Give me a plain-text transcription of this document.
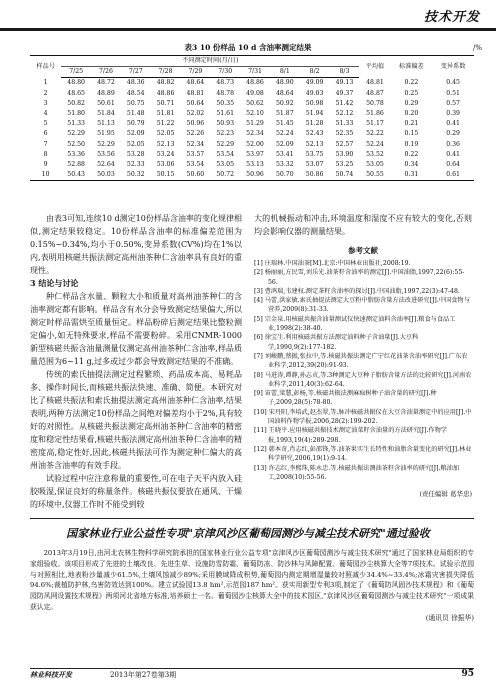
技术开发
表3 10 份样品 10 d 含油率测定结果	/%
样品号	不同测定时间(月/日)										平均值	标准偏差	变异系数
	7/25	7/26	7/27	7/28	7/29	7/30	7/31	8/1	8/2	8/3			
1	48.80	48.72	48.36	48.82	48.64	48.73	48.86	48.90	49.09	49.13	48.81	0.22	0.45
2	48.65	48.89	48.54	48.86	48.81	48.78	49.08	48.64	49.03	49.37	48.87	0.25	0.51
3	50.82	50.61	50.75	50.71	50.64	50.35	50.62	50.92	50.98	51.42	50.78	0.29	0.57
4	51.80	51.84	51.48	51.81	52.02	51.61	52.10	51.87	51.94	52.12	51.86	0.20	0.39
5	51.33	51.13	50.79	51.22	50.96	50.93	51.29	51.45	51.28	51.33	51.17	0.21	0.41
6	52.29	51.95	52.09	52.05	52.26	52.23	52.34	52.24	52.43	52.35	52.22	0.15	0.29
7	52.50	52.29	52.05	52.13	52.34	52.29	52.00	52.09	52.13	52.57	52.24	0.19	0.36
8	53.36	53.56	53.28	53.24	53.57	53.54	53.97	53.41	53.75	53.90	53.52	0.22	0.41
9	52.88	52.64	52.33	53.06	53.54	53.05	53.13	53.32	53.07	53.25	53.05	0.34	0.64
10	50.43	50.03	50.32	50.15	50.60	50.72	50.96	50.70	50.86	50.74	50.55	0.31	0.61

由表3可知,连续10 d测定10份样品含油率的变化规律相似,测定结果较稳定。10份样品含油率的标准偏差范围为0.15%~0.34%,均小于0.50%,变异系数(CV%)均在1%以内,表明用核磁共振法测定高州油茶种仁含油率具有良好的重现性。

3 结论与讨论

种仁样品含水量、颗粒大小和质量对高州油茶种仁的含油率测定都有影响。样品含有水分会导致测定结果偏大,所以测定时样品需烘至质量恒定。样品粉碎后测定结果比整粒测定偏小,如无特殊要求,样品不需要粉碎。采用CNMR-1000新型核磁共振含油量测量仪测定高州油茶种仁含油率,样品质量范围为6~11 g,过多或过少都会导致测定结果的不准确。

传统的索氏抽提法测定过程繁琐、药品成本高、易耗品多、操作时间长,而核磁共振法快速、准确、简便。本研究对比了核磁共振法和索氏抽提法测定高州油茶种仁含油率,结果表明,两种方法测定10份样品之间绝对偏差均小于2%,具有较好的对照性。从核磁共振法测定高州油茶种仁含油率的精密度和稳定性结果看,核磁共振法测定高州油茶种仁含油率的精密度高,稳定性好,因此,核磁共振法可作为测定种仁偏大的高州油茶含油率的有效手段。

试验过程中应注意称量的重要性,可在电子天平内放入硅胶吸湿,保证良好的称量条件。核磁共振仪要放在通风、干燥的环境中,仪器工作时不能受到较

大的机械振动和冲击,环境温度和湿度不应有较大的变化,否则均会影响仪器的测量结果。

参考文献

[1] 庄瑞林.中国油茶[M].北京:中国林业出版社,2008:19.

[2] 杨丽丽,方民雪,刘乐光.油茶籽含油率的测定[J].中国油脂,1997,22(6):55-56.

[3] 曹鸿瑞,韦建权.测定茶籽含油率的探讨[J].中国油脂,1997,22(3):47-48.

[4] 马蕾,洪家敏.索氏抽提法测定大豆粉中脂肪含量方法改进研究[J].中国食物与营养,2009(8):31-33.

[5] 宗金泉.用核磁共振含油量测试仪快速测定油料含油率[J].粮食与食品工业,1998(2):38-40.

[6] 徐宝生.利用核磁共振方法测定油料种子含油量[J].大豆科学,1990,9(2):177-182.

[7] 刘峻鹏,蔡振,张拉中,等.核磁共振法测定广宁红花油茶含油率研究[J].广东农业科学,2012,39(20):91-93.

[8] 马进涛,谭静,孙志贞,等.3种测定大豆种子脂肪含量方法的比较研究[J].河南农业科学,2011,40(3):62-64.

[9] 宙蕾,梁慧,彭杨,等.核磁共振法测麻疯树种子油含量的研究[J].种子,2009,28(5):78-80.

[10] 宋丹阳,李培武,赵杰翠,等.脉冲核磁共振仪在大豆含油量测定中的应用[J].中国油料作物学报,2006,28(2):199-202.

[11] 王晓平.应用核磁共振技术测定油菜籽含油量的方法研究[J].作物学报,1993,19(4):289-298.

[12] 韩本奇,肖志红,彭邵锋,等.油茶果实生长特性和油脂含量变化的研究[J].林业科学研究,2006,19(1):9-14.

[13] 许志红,李熙珠,陈永忠.等.核磁共振法测油茶籽含油率的研究[J].粮油加工,2008(10):55-56.

(责任编辑 葛华忠)
国家林业行业公益性专项"京津风沙区葡萄园测沙与减尘技术研究"通过验收

2013年3月19日,由河北农林生物科学研究院承担的国家林业行业公益专项"京津风沙区葡萄园测沙与减尘技术研究"通过了国家林业局组织的专家组验收。该项目形成了先进的土壤改良、先进生草、设施防雪防霜、葡萄防冻、防沙林与风障配置、葡萄园沙尘核算大全等7项技术。试验示范园与对照相比,地表粉沙量减少61.5%,土壤风蚀减少89%;采用膜域降成积势,葡萄园内测定期增湿量较对照减少34.4%~33.4%;冰霜灾害损失降低94.6%;裁植防护林,鸟害防效达到100%。建立试验园13.8 hm²,示范园187 hm²。获实用新型专利3项,制定了《葡萄防风固沙技术规程》和《葡萄园防风网设置技术规程》两项河北省地方标准,培养硕士一名。葡萄园沙尘核算大全中的技术园区,"京津风沙区葡萄园测沙与减尘技术研究"一项成果获认定。

(通讯员 徐振华)
林业科技开发	2013年第27卷第3期	95
